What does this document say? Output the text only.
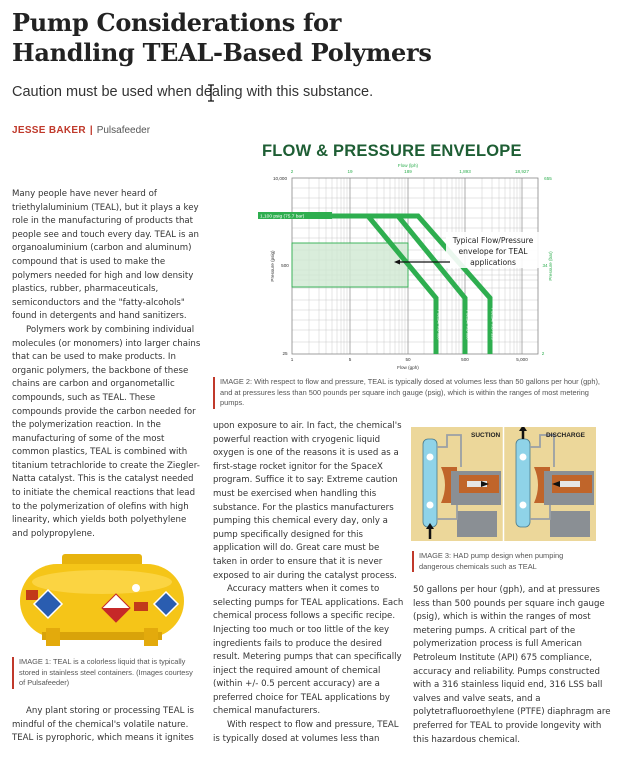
Pump Considerations for Handling TEAL-Based Polymers
Caution must be used when dealing with this substance.
JESSE BAKER | Pulsafeeder
FLOW & PRESSURE ENVELOPE
1,100 psig (75.7 bar)
PULSAPRO 680	PULSAPRO 880	PULSAPRO 7120
Typical Flow/Pressure
envelope for TEAL
applications
Flow (lph)
2	19	189	1,893	18,927
655
34
2
Pressure (bar)
10,000
500
25
Pressure (psig)
1	5	50	500	5,000
Flow (gph)
IMAGE 2: With respect to flow and pressure, TEAL is typically dosed at volumes less than 50 gallons per hour (gph), and at pressures less than 500 pounds per square inch gauge (psig), which is within the ranges of most metering pumps.

Many people have never heard of triethylaluminium (TEAL), but it plays a key role in the manufacturing of products that people see and touch every day. TEAL is an organoaluminium (carbon and aluminum) compound that is used to make the polymers needed for high and low density plastics, rubber, pharmaceuticals, semiconductors and the "fatty-alcohols" found in detergents and hand sanitizers.

Polymers work by combining individual molecules (or monomers) into larger chains that can be used to make products. In organic polymers, the backbone of these chains are carbon and organometallic compounds, such as TEAL. These compounds provide the carbon needed for the polymerization reaction. In the manufacturing of some of the most common plastics, TEAL is combined with titanium tetrachloride to create the Ziegler-Natta catalyst. This is the catalyst needed to initiate the chemical reactions that lead to the polymerization of olefins with high linearity, which yields both polyethylene and polypropylene.

IMAGE 1: TEAL is a colorless liquid that is typically stored in stainless steel containers. (Images courtesy of Pulsafeeder)

Any plant storing or processing TEAL is mindful of the chemical's volatile nature. TEAL is pyrophoric, which means it ignites

upon exposure to air. In fact, the chemical's powerful reaction with cryogenic liquid oxygen is one of the reasons it is used as a first-stage rocket ignitor for the SpaceX program. Suffice it to say: Extreme caution must be exercised when handling this substance. For the plastics manufacturers pumping this chemical every day, only a pump specifically designed for this application will do. Great care must be taken in order to ensure that it is never exposed to air during the catalyst process.

Accuracy matters when it comes to selecting pumps for TEAL applications. Each chemical process follows a specific recipe. Injecting too much or too little of the key ingredients fails to produce the desired result. Metering pumps that can specifically inject the required amount of chemical (within +/- 0.5 percent accuracy) are a preferred choice for TEAL applications by chemical manufacturers.

With respect to flow and pressure, TEAL is typically dosed at volumes less than

SUCTION	DISCHARGE
IMAGE 3: HAD pump design when pumping dangerous chemicals such as TEAL

50 gallons per hour (gph), and at pressures less than 500 pounds per square inch gauge (psig), which is within the ranges of most metering pumps. A critical part of the polymerization process is full American Petroleum Institute (API) 675 compliance, accuracy and reliability. Pumps constructed with a 316 stainless liquid end, 316 LSS ball valves and valve seats, and a polytetrafluoroethylene (PTFE) diaphragm are preferred for TEAL to provide longevity with this hazardous chemical.
